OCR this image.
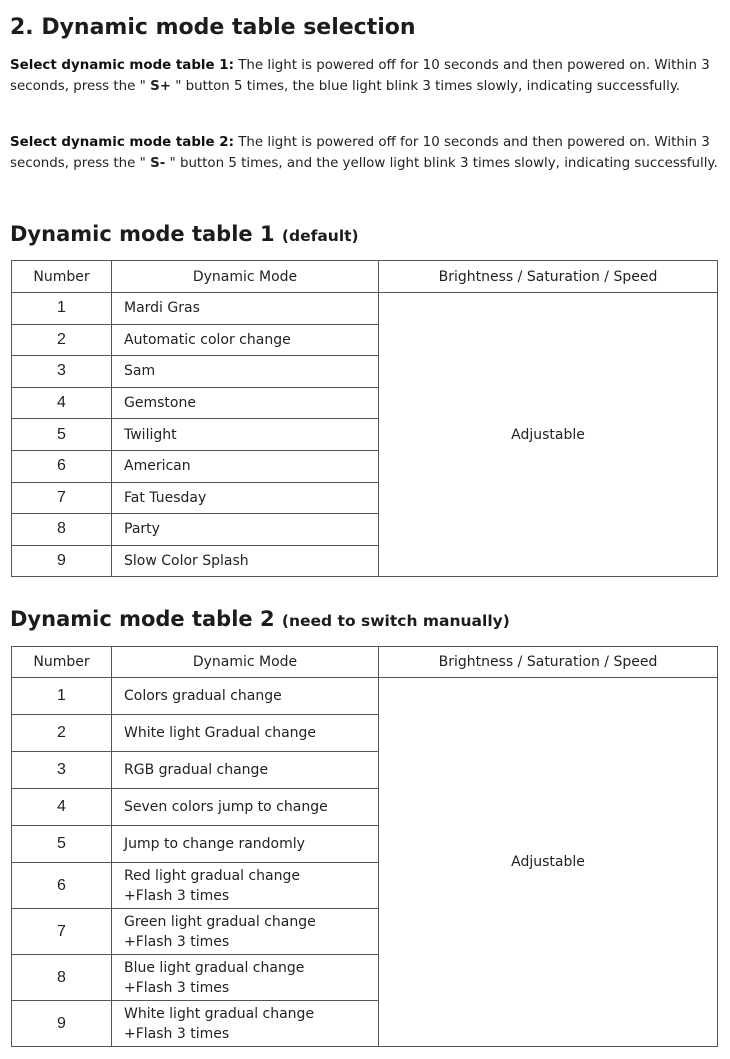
2. Dynamic mode table selection

Select dynamic mode table 1: The light is powered off for 10 seconds and then powered on. Within 3 seconds, press the " S+ " button 5 times, the blue light blink 3 times slowly, indicating successfully.

Select dynamic mode table 2: The light is powered off for 10 seconds and then powered on. Within 3 seconds, press the " S- " button 5 times, and the yellow light blink 3 times slowly, indicating successfully.

Dynamic mode table 1 (default)
Number	Dynamic Mode	Brightness / Saturation / Speed
1	Mardi Gras	Adjustable
2	Automatic color change	
3	Sam	
4	Gemstone	
5	Twilight	
6	American	
7	Fat Tuesday	
8	Party	
9	Slow Color Splash	
Dynamic mode table 2 (need to switch manually)
Number	Dynamic Mode	Brightness / Saturation / Speed
1	Colors gradual change	Adjustable
2	White light Gradual change	
3	RGB gradual change	
4	Seven colors jump to change	
5	Jump to change randomly	
6	Red light gradual change
+Flash 3 times	
7	Green light gradual change
+Flash 3 times	
8	Blue light gradual change
+Flash 3 times	
9	White light gradual change
+Flash 3 times	
